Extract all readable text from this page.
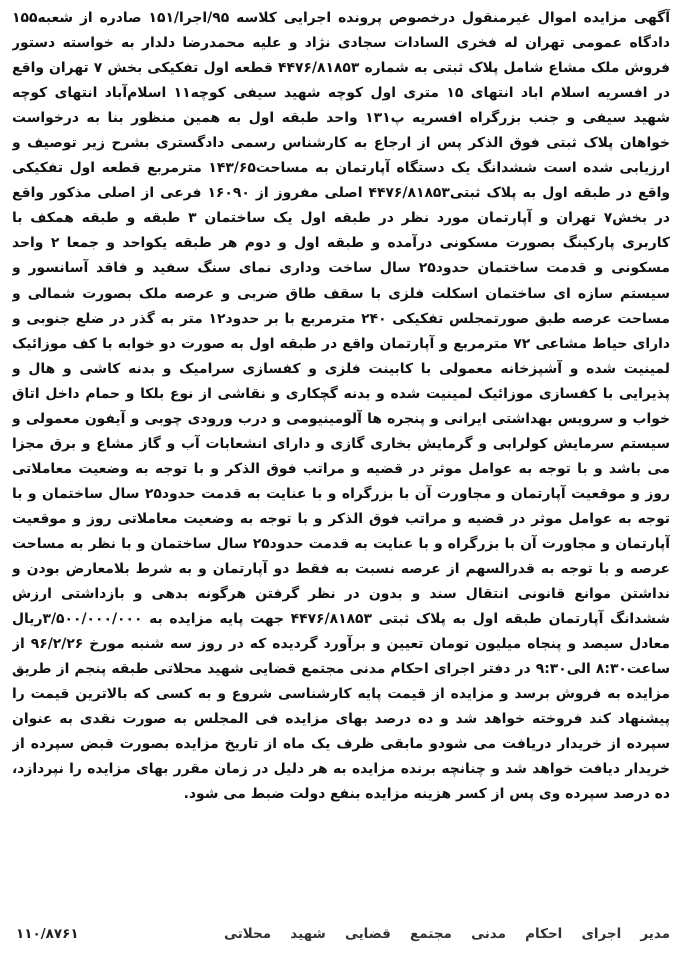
آگهی مزایده اموال غیرمنقول درخصوص پرونده اجرایی کلاسه ۹۵/اجرا/۱۵۱ صادره از شعبه۱۵۵ دادگاه عمومی تهران له فخری السادات سجادی نژاد و علیه محمدرضا دلدار به خواسته دستور فروش ملک مشاع شامل پلاک ثبتی به شماره ۴۴۷۶/۸۱۸۵۳ قطعه اول تفکیکی بخش ۷ تهران واقع در افسریه اسلام اباد انتهای ۱۵ متری اول کوچه شهید سیفی کوچه۱۱ اسلام‌آباد انتهای کوچه شهید سیفی و جنب بزرگراه افسریه پ۱۳۱ واحد طبقه اول به همین منظور بنا به درخواست خواهان پلاک ثبتی فوق الذکر پس از ارجاع به کارشناس رسمی دادگستری بشرح زیر توصیف و ارزیابی شده است ششدانگ یک دستگاه آپارتمان به مساحت۱۴۳/۶۵ مترمربع قطعه اول تفکیکی واقع در طبقه اول به پلاک ثبتی۴۴۷۶/۸۱۸۵۳ اصلی مفروز از ۱۶۰۹۰ فرعی از اصلی مذکور واقع در بخش۷ تهران و آپارتمان مورد نظر در طبقه اول یک ساختمان ۳ طبقه و طبقه همکف با کاربری پارکینگ بصورت مسکونی درآمده و طبقه اول و دوم هر طبقه یکواحد و جمعا ۲ واحد مسکونی و قدمت ساختمان حدود۲۵ سال ساخت وداری نمای سنگ سفید و فاقد آسانسور و سیستم سازه ای ساختمان اسکلت فلزی با سقف طاق ضربی و عرصه ملک بصورت شمالی و مساحت عرصه طبق صورتمجلس تفکیکی ۲۴۰ مترمربع با بر حدود۱۲ متر به گذر در ضلع جنوبی و دارای حیاط مشاعی ۷۲ مترمربع و آپارتمان واقع در طبقه اول به صورت دو خوابه با کف موزائیک لمینیت شده و آشپزخانه معمولی با کابینت فلزی و کفسازی سرامیک و بدنه کاشی و هال و پذیرایی با کفسازی موزائیک لمینیت شده و بدنه گچکاری و نقاشی از نوع بلکا و حمام داخل اتاق خواب و سرویس بهداشتی ایرانی و پنجره ها آلومینیومی و درب ورودی چوبی و آیفون معمولی و سیستم سرمایش کولرابی و گرمایش بخاری گازی و دارای انشعابات آب و گاز مشاع و برق مجزا می باشد و با توجه به عوامل موثر در قضیه و مراتب فوق الذکر و با توجه به وضعیت معاملاتی روز و موقعیت آپارتمان و مجاورت آن با بزرگراه و با عنایت به قدمت حدود۲۵ سال ساختمان و با توجه به عوامل موثر در قضیه و مراتب فوق الذکر و با توجه به وضعیت معاملاتی روز و موقعیت آپارتمان و مجاورت آن با بزرگراه و با عنایت به قدمت حدود۲۵ سال ساختمان و با نظر به مساحت عرصه و با توجه به قدرالسهم از عرصه نسبت به فقط دو آپارتمان و به شرط بلامعارض بودن و نداشتن موانع قانونی انتقال سند و بدون در نظر گرفتن هرگونه بدهی و بازداشتی ارزش ششدانگ آپارتمان طبقه اول به پلاک ثبتی ۴۴۷۶/۸۱۸۵۳ جهت پایه مزایده به ۳/۵۰۰/۰۰۰/۰۰۰ریال معادل سیصد و پنجاه میلیون تومان تعیین و برآورد گردیده که در روز سه شنبه مورخ ۹۶/۲/۲۶ از ساعت۸:۳۰ الی۹:۳۰ در دفتر اجرای احکام مدنی مجتمع قضایی شهید محلاتی طبقه پنجم از طریق مزایده به فروش برسد و مزایده از قیمت پایه کارشناسی شروع و به کسی که بالاترین قیمت را پیشنهاد کند فروخته خواهد شد و ده درصد بهای مزایده فی المجلس به صورت نقدی به عنوان سپرده از خریدار دریافت می شودو مابقی ظرف یک ماه از تاریخ مزایده بصورت قبض سپرده از خریدار دیافت خواهد شد و چنانچه برنده مزایده به هر دلیل در زمان مقرر بهای مزایده را نپردازد، ده درصد سپرده وی پس از کسر هزینه مزایده بنفع دولت ضبط می شود.

مدیر
اجرای
احکام
مدنی
مجتمع
قضایی
شهید
محلاتی
۱۱۰/۸۷۶۱
